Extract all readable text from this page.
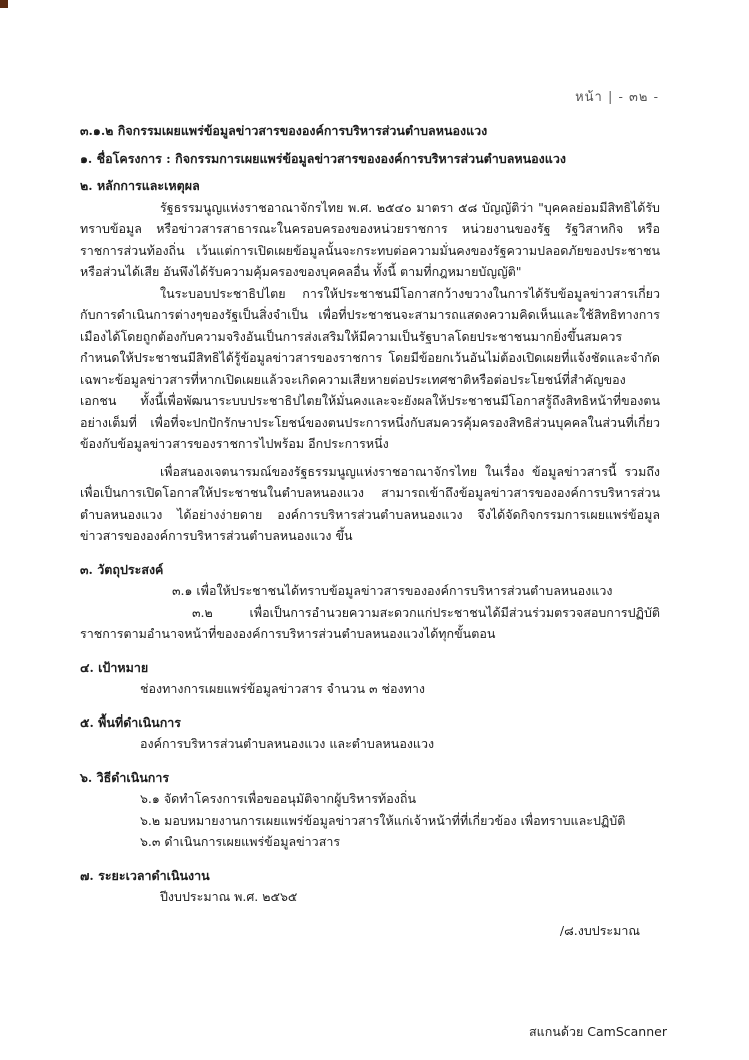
หน้า | - ๓๒ -

๓.๑.๒ กิจกรรมเผยแพร่ข้อมูลข่าวสารขององค์การบริหารส่วนตำบลหนองแวง

๑. ชื่อโครงการ : กิจกรรมการเผยแพร่ข้อมูลข่าวสารขององค์การบริหารส่วนตำบลหนองแวง

๒. หลักการและเหตุผล

รัฐธรรมนูญแห่งราชอาณาจักรไทย พ.ศ. ๒๕๔๐ มาตรา ๕๘ บัญญัติว่า "บุคคลย่อมมีสิทธิได้รับทราบข้อมูล หรือข่าวสารสาธารณะในครอบครองของหน่วยราชการ หน่วยงานของรัฐ รัฐวิสาหกิจ หรือราชการส่วนท้องถิ่น เว้นแต่การเปิดเผยข้อมูลนั้นจะกระทบต่อความมั่นคงของรัฐความปลอดภัยของประชาชนหรือส่วนได้เสีย อันพึงได้รับความคุ้มครองของบุคคลอื่น ทั้งนี้ ตามที่กฎหมายบัญญัติ"

ในระบอบประชาธิปไตย การให้ประชาชนมีโอกาสกว้างขวางในการได้รับข้อมูลข่าวสารเกี่ยวกับการดำเนินการต่างๆของรัฐเป็นสิ่งจำเป็น เพื่อที่ประชาชนจะสามารถแสดงความคิดเห็นและใช้สิทธิทางการเมืองได้โดยถูกต้องกับความจริงอันเป็นการส่งเสริมให้มีความเป็นรัฐบาลโดยประชาชนมากยิ่งขึ้นสมควรกำหนดให้ประชาชนมีสิทธิได้รู้ข้อมูลข่าวสารของราชการ โดยมีข้อยกเว้นอันไม่ต้องเปิดเผยที่แจ้งชัดและจำกัดเฉพาะข้อมูลข่าวสารที่หากเปิดเผยแล้วจะเกิดความเสียหายต่อประเทศชาติหรือต่อประโยชน์ที่สำคัญของเอกชน ทั้งนี้เพื่อพัฒนาระบบประชาธิปไตยให้มั่นคงและจะยังผลให้ประชาชนมีโอกาสรู้ถึงสิทธิหน้าที่ของตนอย่างเต็มที่ เพื่อที่จะปกปักรักษาประโยชน์ของตนประการหนึ่งกับสมควรคุ้มครองสิทธิส่วนบุคคลในส่วนที่เกี่ยว ข้องกับข้อมูลข่าวสารของราชการไปพร้อม อีกประการหนึ่ง

เพื่อสนองเจตนารมณ์ของรัฐธรรมนูญแห่งราชอาณาจักรไทย ในเรื่อง ข้อมูลข่าวสารนี้ รวมถึงเพื่อเป็นการเปิดโอกาสให้ประชาชนในตำบลหนองแวง สามารถเข้าถึงข้อมูลข่าวสารขององค์การบริหารส่วนตำบลหนองแวง ได้อย่างง่ายดาย องค์การบริหารส่วนตำบลหนองแวง จึงได้จัดกิจกรรมการเผยแพร่ข้อมูลข่าวสารขององค์การบริหารส่วนตำบลหนองแวง ขึ้น

๓. วัตถุประสงค์

๓.๑ เพื่อให้ประชาชนได้ทราบข้อมูลข่าวสารขององค์การบริหารส่วนตำบลหนองแวง

๓.๒ เพื่อเป็นการอำนวยความสะดวกแก่ประชาชนได้มีส่วนร่วมตรวจสอบการปฏิบัติราชการตามอำนาจหน้าที่ขององค์การบริหารส่วนตำบลหนองแวงได้ทุกขั้นตอน

๔. เป้าหมาย

ช่องทางการเผยแพร่ข้อมูลข่าวสาร จำนวน ๓ ช่องทาง

๕. พื้นที่ดำเนินการ

องค์การบริหารส่วนตำบลหนองแวง และตำบลหนองแวง

๖. วิธีดำเนินการ

๖.๑ จัดทำโครงการเพื่อขออนุมัติจากผู้บริหารท้องถิ่น

๖.๒ มอบหมายงานการเผยแพร่ข้อมูลข่าวสารให้แก่เจ้าหน้าที่ที่เกี่ยวข้อง เพื่อทราบและปฏิบัติ

๖.๓ ดำเนินการเผยแพร่ข้อมูลข่าวสาร

๗. ระยะเวลาดำเนินงาน

ปีงบประมาณ พ.ศ. ๒๕๖๕

/๘.งบประมาณ

สแกนด้วย CamScanner
